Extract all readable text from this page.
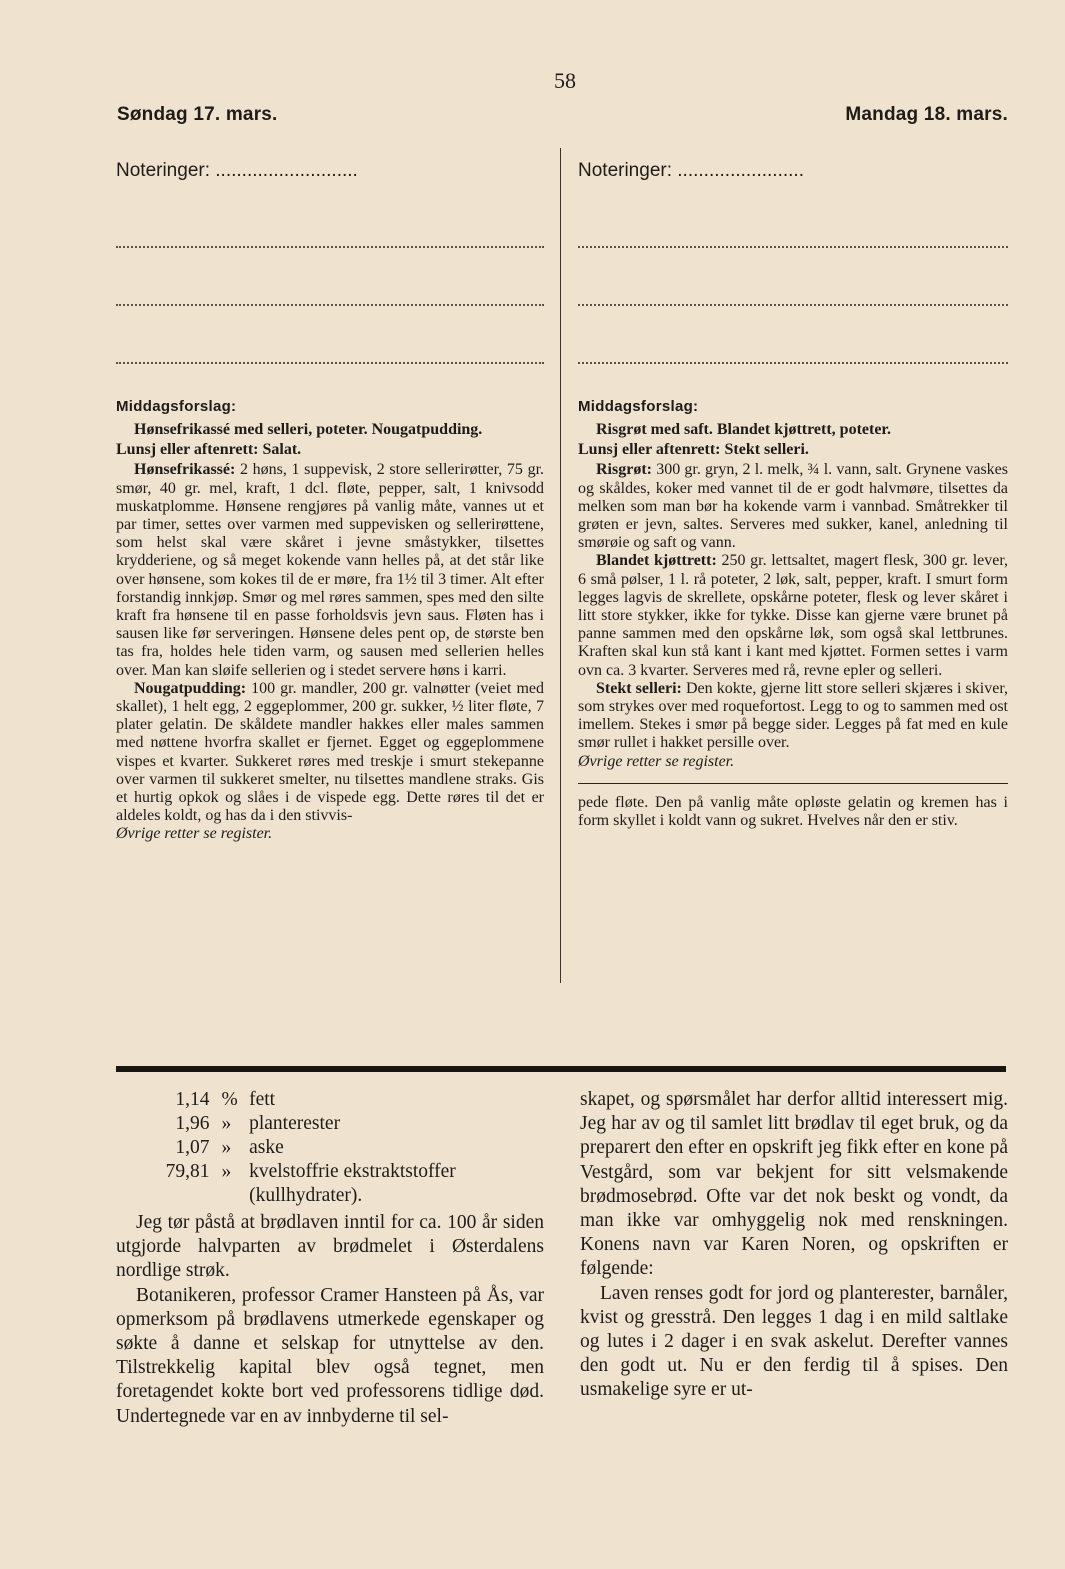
58
Søndag 17. mars.	Mandag 18. mars.
Noteringer: ...........................
Middagsforslag:

Hønsefrikassé med selleri, poteter. Nougatpudding.

Lunsj eller aftenrett: Salat.

Hønsefrikassé: 2 høns, 1 suppevisk, 2 store sellerirøtter, 75 gr. smør, 40 gr. mel, kraft, 1 dcl. fløte, pepper, salt, 1 knivsodd muskatplomme. Hønsene rengjøres på vanlig måte, vannes ut et par timer, settes over varmen med suppevisken og sellerirøttene, som helst skal være skåret i jevne småstykker, tilsettes krydderiene, og så meget kokende vann helles på, at det står like over hønsene, som kokes til de er møre, fra 1½ til 3 timer. Alt efter forstandig innkjøp. Smør og mel røres sammen, spes med den silte kraft fra hønsene til en passe forholdsvis jevn saus. Fløten has i sausen like før serveringen. Hønsene deles pent op, de største ben tas fra, holdes hele tiden varm, og sausen med sellerien helles over. Man kan sløife sellerien og i stedet servere høns i karri.

Nougatpudding: 100 gr. mandler, 200 gr. valnøtter (veiet med skallet), 1 helt egg, 2 eggeplommer, 200 gr. sukker, ½ liter fløte, 7 plater gelatin. De skåldete mandler hakkes eller males sammen med nøttene hvorfra skallet er fjernet. Egget og eggeplommene vispes et kvarter. Sukkeret røres med treskje i smurt stekepanne over varmen til sukkeret smelter, nu tilsettes mandlene straks. Gis et hurtig opkok og slåes i de vispede egg. Dette røres til det er aldeles koldt, og has da i den stivvis-

Øvrige retter se register.

Noteringer: ........................
Middagsforslag:

Risgrøt med saft. Blandet kjøttrett, poteter.

Lunsj eller aftenrett: Stekt selleri.

Risgrøt: 300 gr. gryn, 2 l. melk, ¾ l. vann, salt. Grynene vaskes og skåldes, koker med vannet til de er godt halvmøre, tilsettes da melken som man bør ha kokende varm i vannbad. Småtrekker til grøten er jevn, saltes. Serveres med sukker, kanel, anledning til smørøie og saft og vann.

Blandet kjøttrett: 250 gr. lettsaltet, magert flesk, 300 gr. lever, 6 små pølser, 1 l. rå poteter, 2 løk, salt, pepper, kraft. I smurt form legges lagvis de skrellete, opskårne poteter, flesk og lever skåret i litt store stykker, ikke for tykke. Disse kan gjerne være brunet på panne sammen med den opskårne løk, som også skal lettbrunes. Kraften skal kun stå kant i kant med kjøttet. Formen settes i varm ovn ca. 3 kvarter. Serveres med rå, revne epler og selleri.

Stekt selleri: Den kokte, gjerne litt store selleri skjæres i skiver, som strykes over med roquefortost. Legg to og to sammen med ost imellem. Stekes i smør på begge sider. Legges på fat med en kule smør rullet i hakket persille over.

Øvrige retter se register.

pede fløte. Den på vanlig måte opløste gelatin og kremen has i form skyllet i koldt vann og sukret. Hvelves når den er stiv.

1,14	%	fett
1,96	»	planterester
1,07	»	aske
79,81	»	kvelstoffrie ekstraktstoffer (kullhydrater).

Jeg tør påstå at brødlaven inntil for ca. 100 år siden utgjorde halvparten av brødmelet i Østerdalens nordlige strøk.

Botanikeren, professor Cramer Hansteen på Ås, var opmerksom på brødlavens utmerkede egenskaper og søkte å danne et selskap for utnyttelse av den. Tilstrekkelig kapital blev også tegnet, men foretagendet kokte bort ved professorens tidlige død. Undertegnede var en av innbyderne til sel-

skapet, og spørsmålet har derfor alltid interessert mig. Jeg har av og til samlet litt brødlav til eget bruk, og da preparert den efter en opskrift jeg fikk efter en kone på Vestgård, som var bekjent for sitt velsmakende brødmosebrød. Ofte var det nok beskt og vondt, da man ikke var omhyggelig nok med renskningen. Konens navn var Karen Noren, og opskriften er følgende:

Laven renses godt for jord og planterester, barnåler, kvist og gresstrå. Den legges 1 dag i en mild saltlake og lutes i 2 dager i en svak askelut. Derefter vannes den godt ut. Nu er den ferdig til å spises. Den usmakelige syre er ut-
